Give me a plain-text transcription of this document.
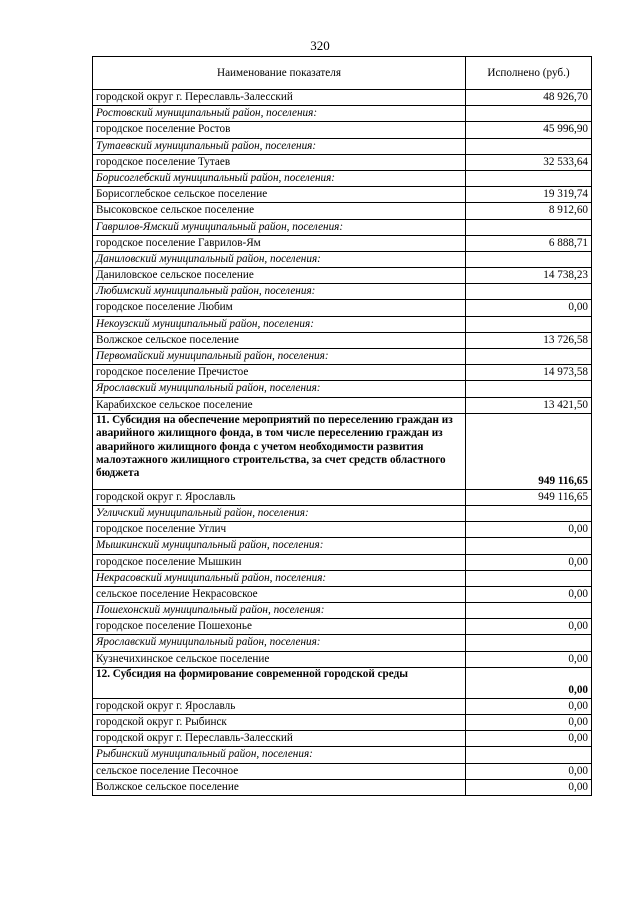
320
Наименование показателя	Исполнено (руб.)
городской округ г. Переславль-Залесский	48 926,70
Ростовский муниципальный район, поселения:	
городское поселение Ростов	45 996,90
Тутаевский муниципальный район, поселения:	
городское поселение Тутаев	32 533,64
Борисоглебский муниципальный район, поселения:	
Борисоглебское сельское поселение	19 319,74
Высоковское сельское поселение	8 912,60
Гаврилов-Ямский муниципальный район, поселения:	
городское поселение Гаврилов-Ям	6 888,71
Даниловский муниципальный район, поселения:	
Даниловское сельское поселение	14 738,23
Любимский муниципальный район, поселения:	
городское поселение Любим	0,00
Некоузский муниципальный район, поселения:	
Волжское сельское поселение	13 726,58
Первомайский муниципальный район, поселения:	
городское поселение Пречистое	14 973,58
Ярославский муниципальный район, поселения:	
Карабихское сельское поселение	13 421,50
11. Субсидия на обеспечение мероприятий по переселению граждан из аварийного жилищного фонда, в том числе переселению граждан из аварийного жилищного фонда с учетом необходимости развития малоэтажного жилищного строительства, за счет средств областного бюджета	949 116,65
городской округ г. Ярославль	949 116,65
Угличский муниципальный район, поселения:	
городское поселение Углич	0,00
Мышкинский муниципальный район, поселения:	
городское поселение Мышкин	0,00
Некрасовский муниципальный район, поселения:	
сельское поселение Некрасовское	0,00
Пошехонский муниципальный район, поселения:	
городское поселение Пошехонье	0,00
Ярославский муниципальный район, поселения:	
Кузнечихинское сельское поселение	0,00
12. Субсидия на формирование современной городской среды	0,00
городской округ г. Ярославль	0,00
городской округ г. Рыбинск	0,00
городской округ г. Переславль-Залесский	0,00
Рыбинский муниципальный район, поселения:	
сельское поселение Песочное	0,00
Волжское сельское поселение	0,00
